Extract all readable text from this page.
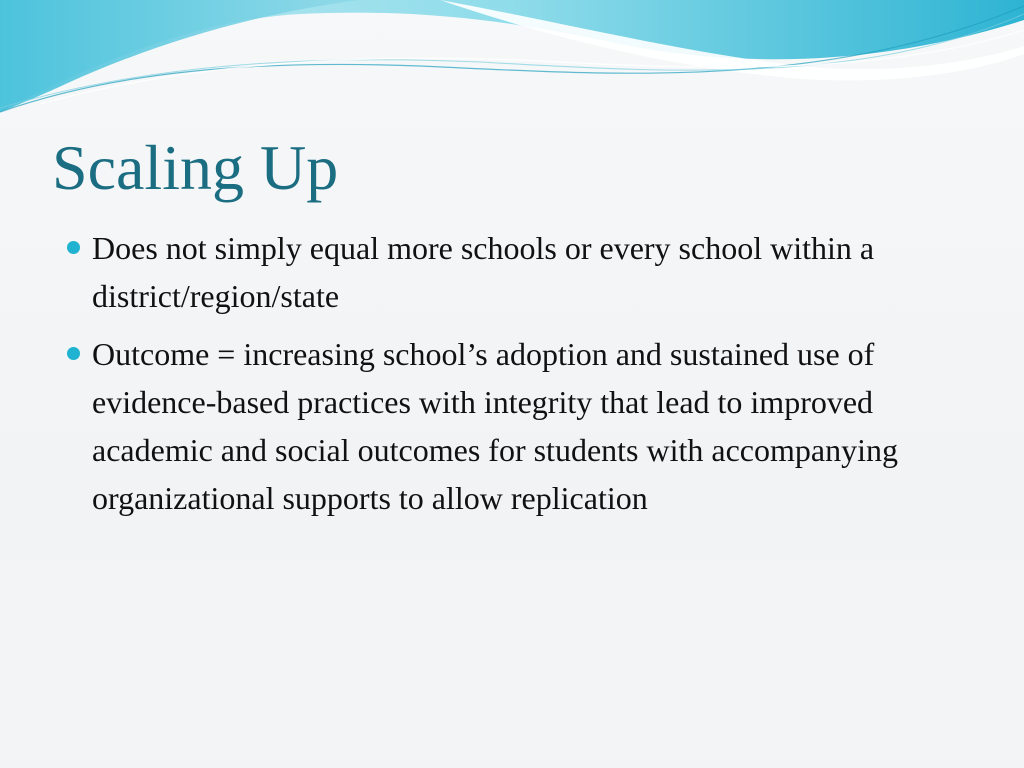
Scaling Up
Does not simply equal more schools or every school within a district/region/state
Outcome = increasing school’s adoption and sustained use of evidence-based practices with integrity that lead to improved academic and social outcomes for students with accompanying organizational supports to allow replication
